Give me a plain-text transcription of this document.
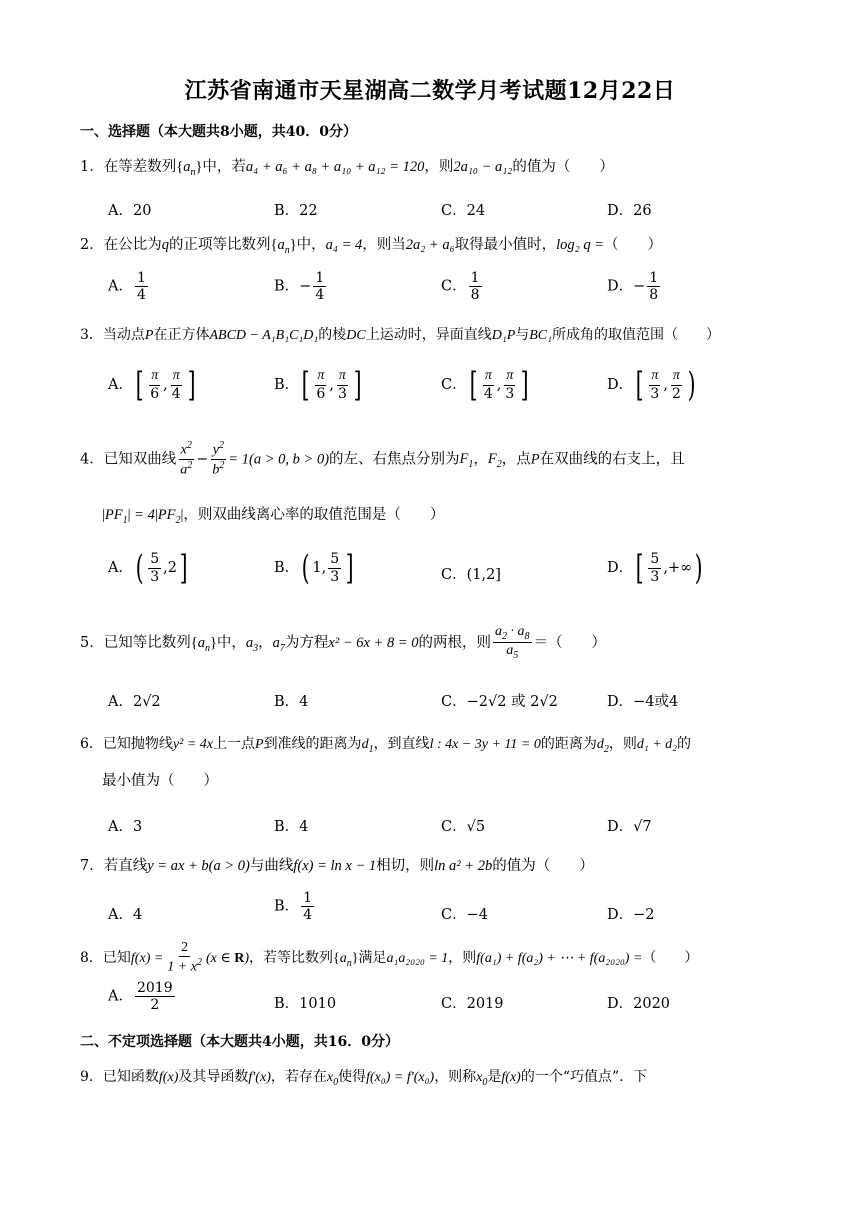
江苏省南通市天星湖高二数学月考试题12月22日
一、选择题（本大题共8小题，共40．0分）
1．在等差数列$\{a_n\}$中，若a₄ + a₆ + a₈ + a₁₀ + a₁₂ = 120，则2a₁₀ − a₁₂的值为（　　）
A．20	B．22	C．24	D．26
2．在公比为q的正项等比数列$\{a_n\}$中，a₄ = 4，则当2a₂ + a₆取得最小值时，log₂ q =（　　）
A． $\frac{1}{4}$	B．− $\frac{1}{4}$	C． $\frac{1}{8}$	D．− $\frac{1}{8}$
3．当动点P在正方体ABCD − A₁B₁C₁D₁的棱DC上运动时，异面直线D₁P与BC₁所成角的取值范围（　　）
A．[ $\frac{\pi}{6}$ , $\frac{\pi}{4}$ ]	B．[ $\frac{\pi}{6}$ , $\frac{\pi}{3}$ ]	C．[ $\frac{\pi}{4}$ , $\frac{\pi}{3}$ ]	D．[ $\frac{\pi}{3}$ , $\frac{\pi}{2}$ )
4．已知双曲线 $\frac{x^2}{a^2} - \frac{y^2}{b^2} = 1(a > 0$, b > 0)的左、右焦点分别为$F_1$，$F_2$，点P在双曲线的右支上，且
$|PF_1| = 4|PF_2|$，则双曲线离心率的取值范围是（　　）
A．( $\frac{5}{3} ,2$]	B．( 1, $\frac{5}{3}$ ]	C．(1,2]	D．[ $\frac{5}{3}$ ,+∞)
5．已知等比数列$\{a_n\}$中，$a_3$，$a_7$为方程x² − 6x + 8 = 0的两根，则 $\frac{a_2 \cdot a_8}{a_5}$ ＝（　　）
A．2√2	B．4	C．−2√2 或 2√2	D．−4或4
6．已知抛物线y² = 4x上一点P到准线的距离为$d_1$，到直线l : 4x − 3y + 11 = 0的距离为$d_2$，则d₁ + d₂的
最小值为（　　）
A．3	B．4	C．√5	D．√7
7．若直线y = ax + b(a > 0)与曲线f(x) = ln x − 1相切，则ln a² + 2b的值为（　　）
A．4
B． $\frac{1}{4}$	C．−4	D．−2
8．已知$f(x) = \frac{2}{1 + x^2} (x$ ∈ R)，若等比数列$\{a_n\}$满足a₁a₂₀₂₀ = 1，则f(a₁) + f(a₂) + ⋯ + f(a₂₀₂₀) =（　　）
A． $\frac{2019}{2}$	B．1010	C．2019	D．2020
二、不定项选择题（本大题共4小题，共16．0分）
9．已知函数f(x)及其导函数f′(x)，若存在$x_0$使得f(x₀) = f′(x₀)，则称$x_0$是f(x)的一个“巧值点”．下
